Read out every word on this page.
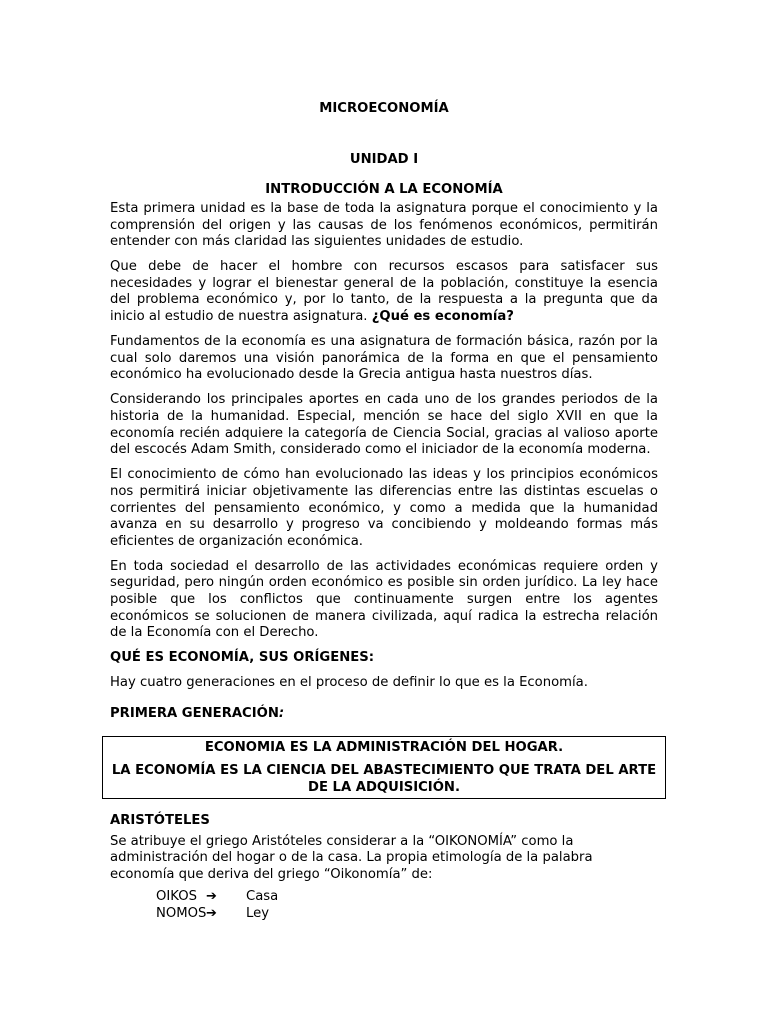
MICROECONOMÍA
UNIDAD I
INTRODUCCIÓN A LA ECONOMÍA

Esta primera unidad es la base de toda la asignatura porque el conocimiento y la comprensión del origen y las causas de los fenómenos económicos, permitirán entender con más claridad las siguientes unidades de estudio.

Que debe de hacer el hombre con recursos escasos para satisfacer sus necesidades y lograr el bienestar general de la población, constituye la esencia del problema económico y, por lo tanto, de la respuesta a la pregunta que da inicio al estudio de nuestra asignatura. ¿Qué es economía?

Fundamentos de la economía es una asignatura de formación básica, razón por la cual solo daremos una visión panorámica de la forma en que el pensamiento económico ha evolucionado desde la Grecia antigua hasta nuestros días.

Considerando los principales aportes en cada uno de los grandes periodos de la historia de la humanidad. Especial, mención se hace del siglo XVII en que la economía recién adquiere la categoría de Ciencia Social, gracias al valioso aporte del escocés Adam Smith, considerado como el iniciador de la economía moderna.

El conocimiento de cómo han evolucionado las ideas y los principios económicos nos permitirá iniciar objetivamente las diferencias entre las distintas escuelas o corrientes del pensamiento económico, y como a medida que la humanidad avanza en su desarrollo y progreso va concibiendo y moldeando formas más eficientes de organización económica.

En toda sociedad el desarrollo de las actividades económicas requiere orden y seguridad, pero ningún orden económico es posible sin orden jurídico. La ley hace posible que los conflictos que continuamente surgen entre los agentes económicos se solucionen de manera civilizada, aquí radica la estrecha relación de la Economía con el Derecho.

QUÉ ES ECONOMÍA, SUS ORÍGENES:

Hay cuatro generaciones en el proceso de definir lo que es la Economía.

PRIMERA GENERACIÓN:
ECONOMIA ES LA ADMINISTRACIÓN DEL HOGAR.
LA ECONOMÍA ES LA CIENCIA DEL ABASTECIMIENTO QUE TRATA DEL ARTE DE LA ADQUISICIÓN.
ARISTÓTELES

Se atribuye el griego Aristóteles considerar a la “OIKONOMÍA” como la administración del hogar o de la casa. La propia etimología de la palabra economía que deriva del griego “Oikonomía” de:

OIKOS ➔	Casa
NOMOS ➔	Ley
